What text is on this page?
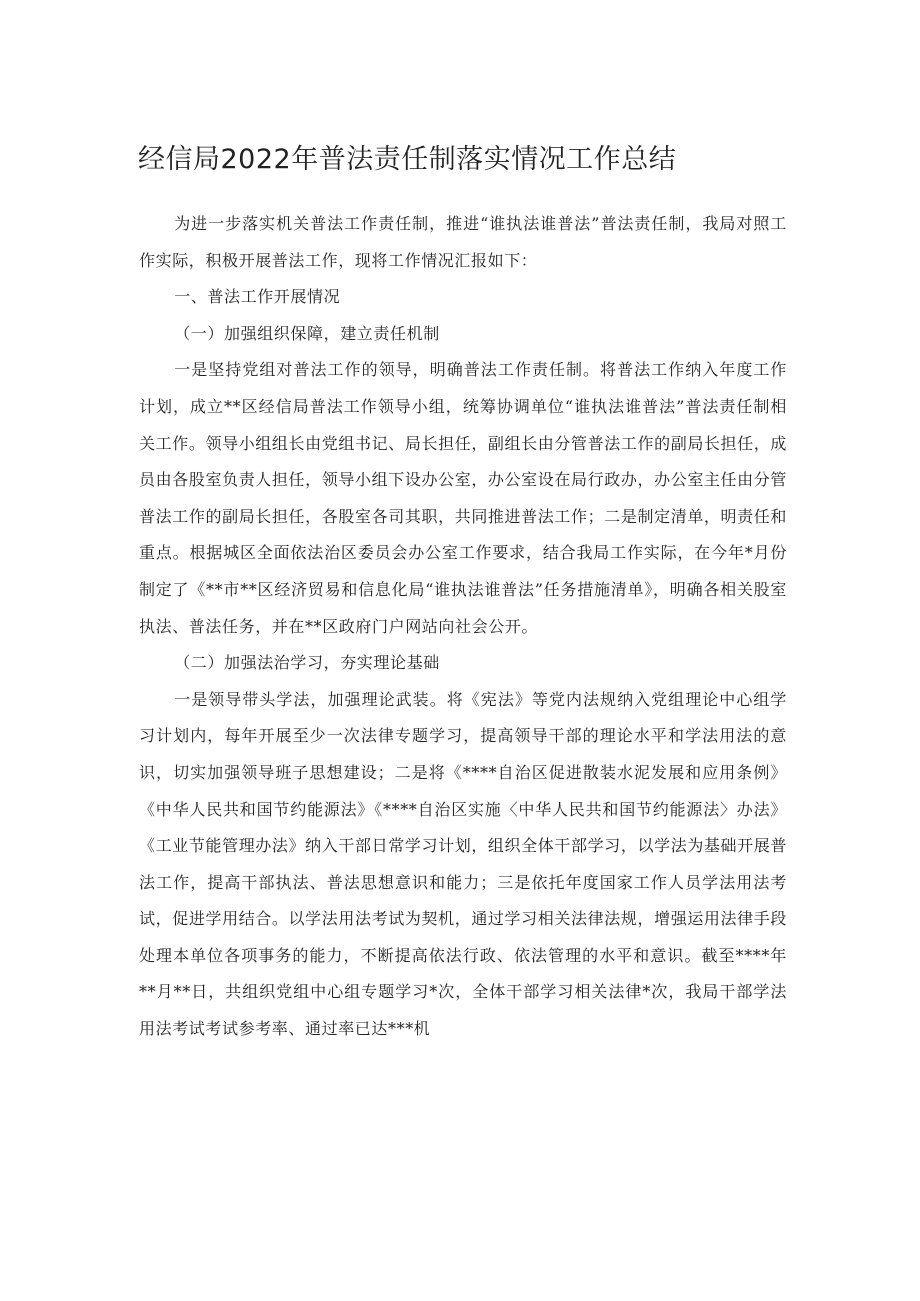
经信局2022年普法责任制落实情况工作总结

为进一步落实机关普法工作责任制，推进“谁执法谁普法”普法责任制，我局对照工作实际，积极开展普法工作，现将工作情况汇报如下：

一、普法工作开展情况

（一）加强组织保障，建立责任机制

一是坚持党组对普法工作的领导，明确普法工作责任制。将普法工作纳入年度工作计划，成立**区经信局普法工作领导小组，统筹协调单位“谁执法谁普法”普法责任制相关工作。领导小组组长由党组书记、局长担任，副组长由分管普法工作的副局长担任，成员由各股室负责人担任，领导小组下设办公室，办公室设在局行政办，办公室主任由分管普法工作的副局长担任，各股室各司其职，共同推进普法工作；二是制定清单，明责任和重点。根据城区全面依法治区委员会办公室工作要求，结合我局工作实际，在今年*月份制定了《**市**区经济贸易和信息化局“谁执法谁普法”任务措施清单》，明确各相关股室执法、普法任务，并在**区政府门户网站向社会公开。

（二）加强法治学习，夯实理论基础

一是领导带头学法，加强理论武装。将《宪法》等党内法规纳入党组理论中心组学习计划内，每年开展至少一次法律专题学习，提高领导干部的理论水平和学法用法的意识，切实加强领导班子思想建设；二是将《****自治区促进散装水泥发展和应用条例》《中华人民共和国节约能源法》《****自治区实施〈中华人民共和国节约能源法〉办法》《工业节能管理办法》纳入干部日常学习计划，组织全体干部学习，以学法为基础开展普法工作，提高干部执法、普法思想意识和能力；三是依托年度国家工作人员学法用法考试，促进学用结合。以学法用法考试为契机，通过学习相关法律法规，增强运用法律手段处理本单位各项事务的能力，不断提高依法行政、依法管理的水平和意识。截至****年**月**日，共组织党组中心组专题学习*次，全体干部学习相关法律*次，我局干部学法用法考试考试参考率、通过率已达***机
